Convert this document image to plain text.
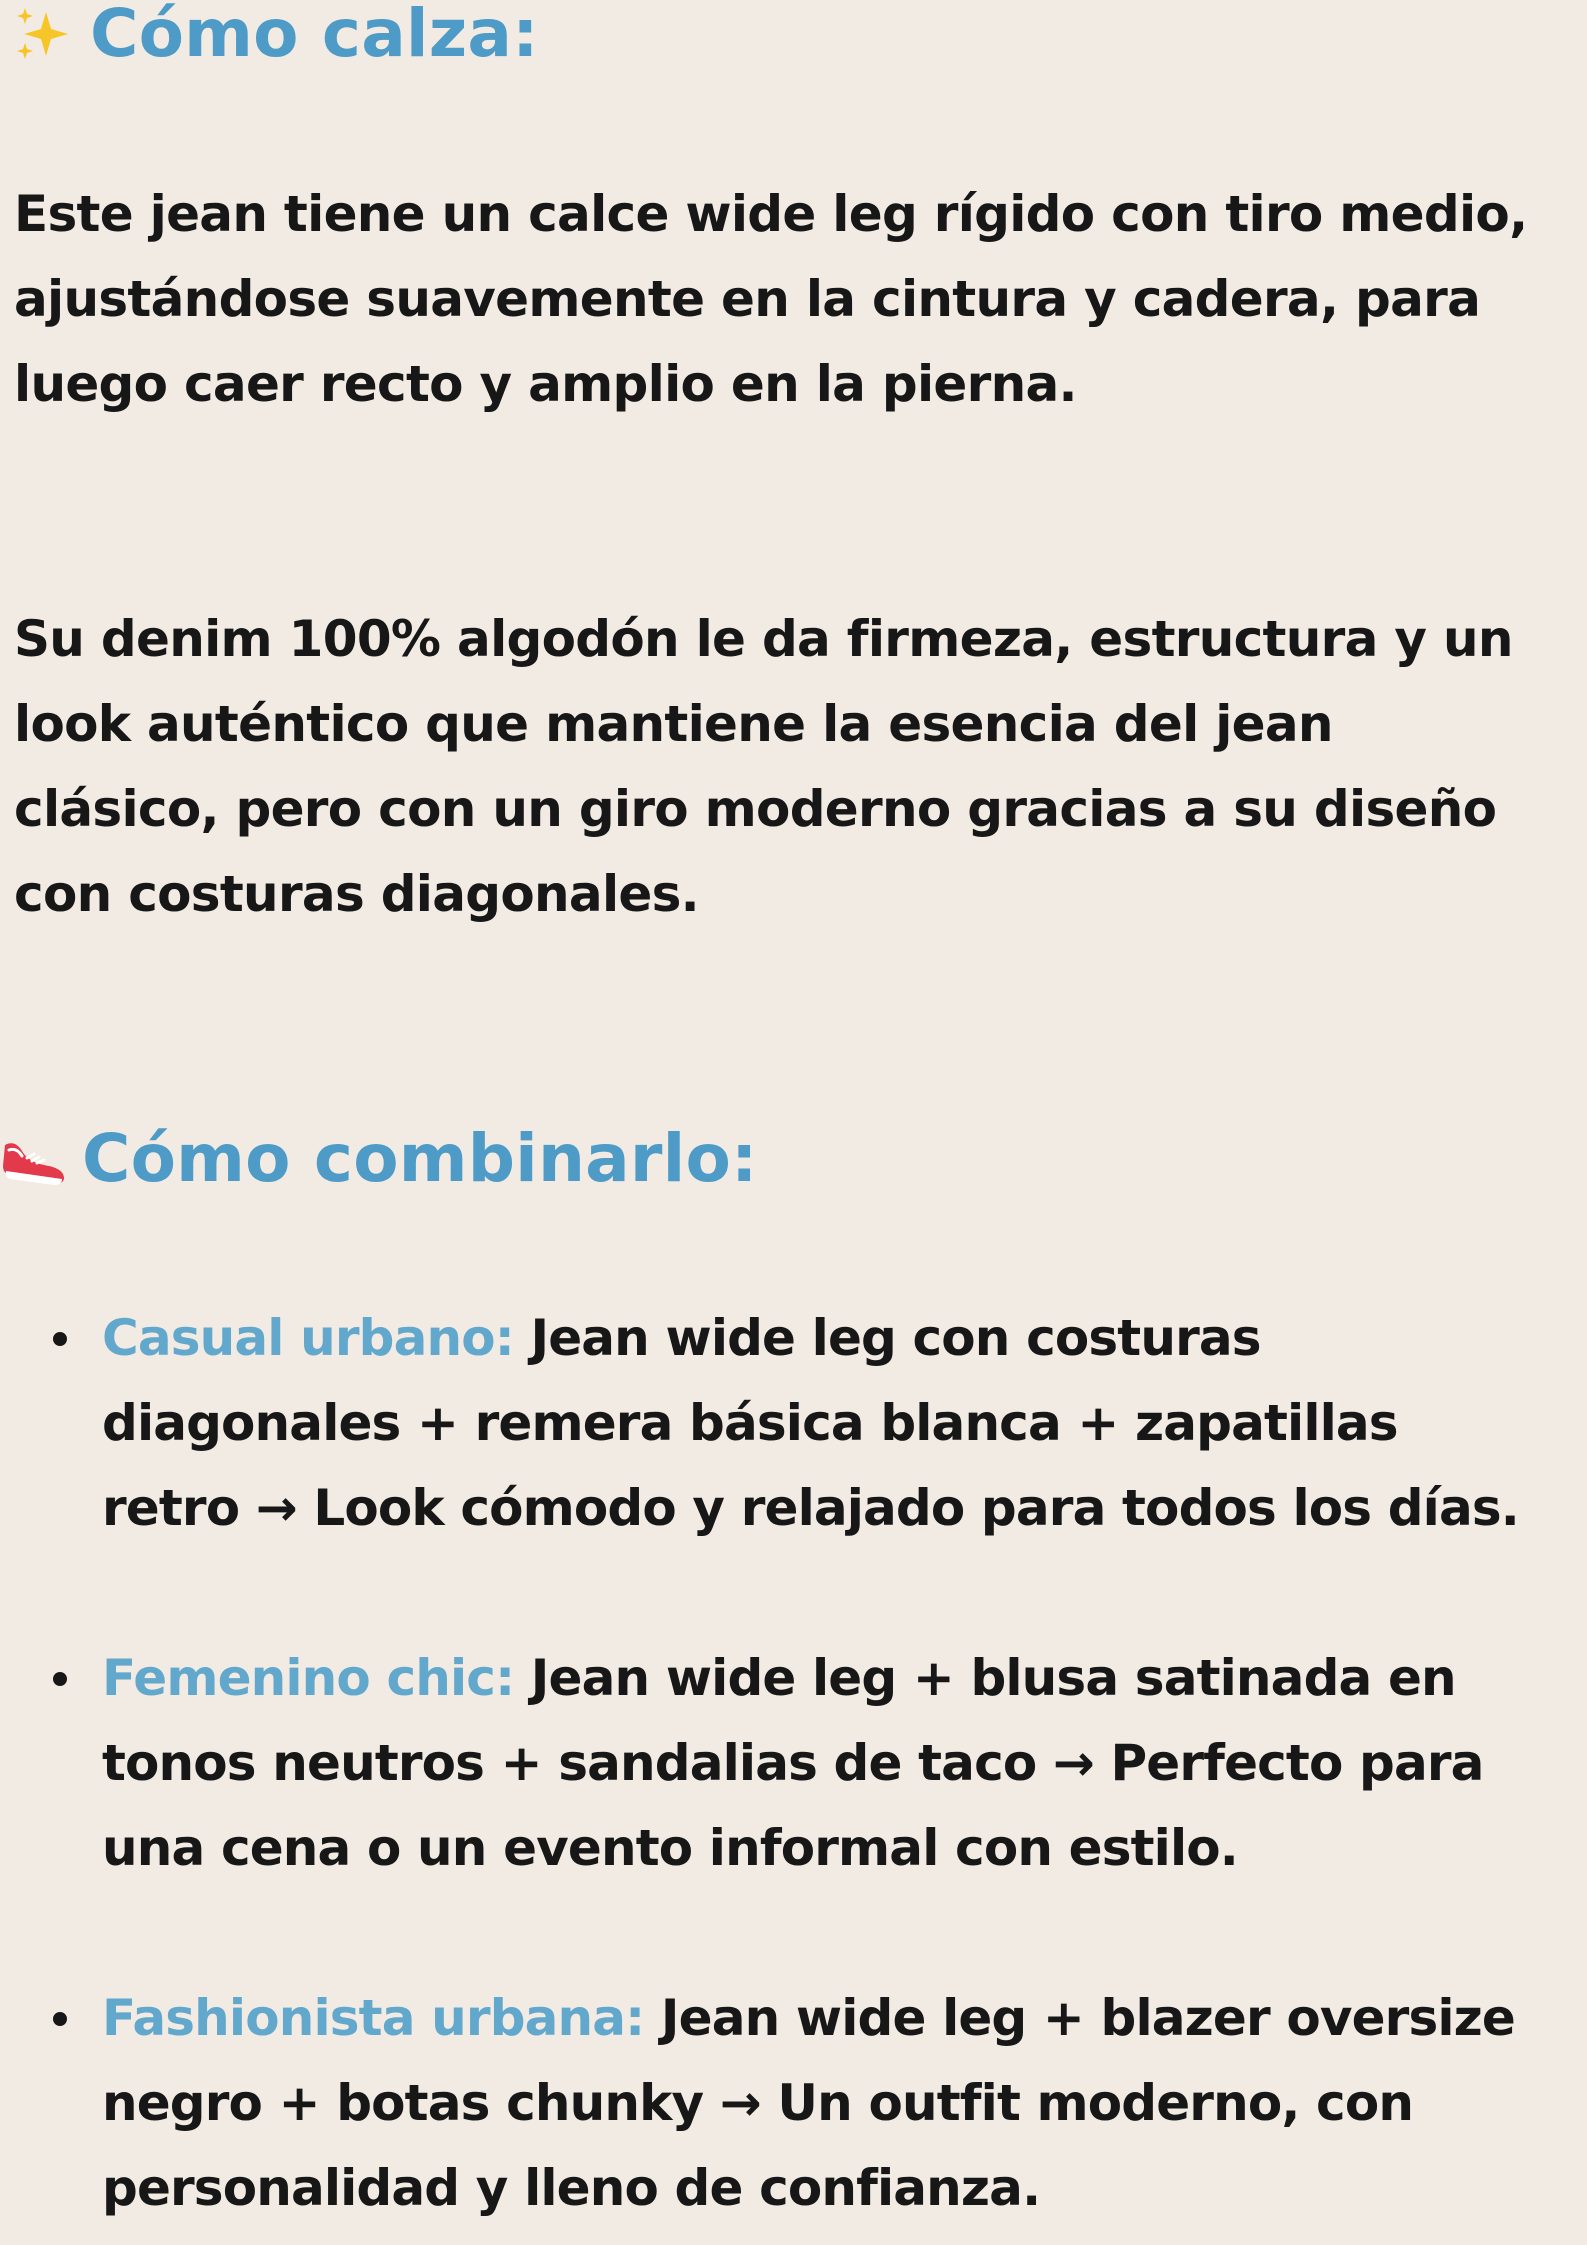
Cómo calza:

Este jean tiene un calce wide leg rígido con tiro medio,
ajustándose suavemente en la cintura y cadera, para
luego caer recto y amplio en la pierna.

Su denim 100% algodón le da firmeza, estructura y un
look auténtico que mantiene la esencia del jean
clásico, pero con un giro moderno gracias a su diseño
con costuras diagonales.

Cómo combinarlo:

Casual urbano: Jean wide leg con costuras
diagonales + remera básica blanca + zapatillas
retro → Look cómodo y relajado para todos los días.

Femenino chic: Jean wide leg + blusa satinada en
tonos neutros + sandalias de taco → Perfecto para
una cena o un evento informal con estilo.

Fashionista urbana: Jean wide leg + blazer oversize
negro + botas chunky → Un outfit moderno, con
personalidad y lleno de confianza.
